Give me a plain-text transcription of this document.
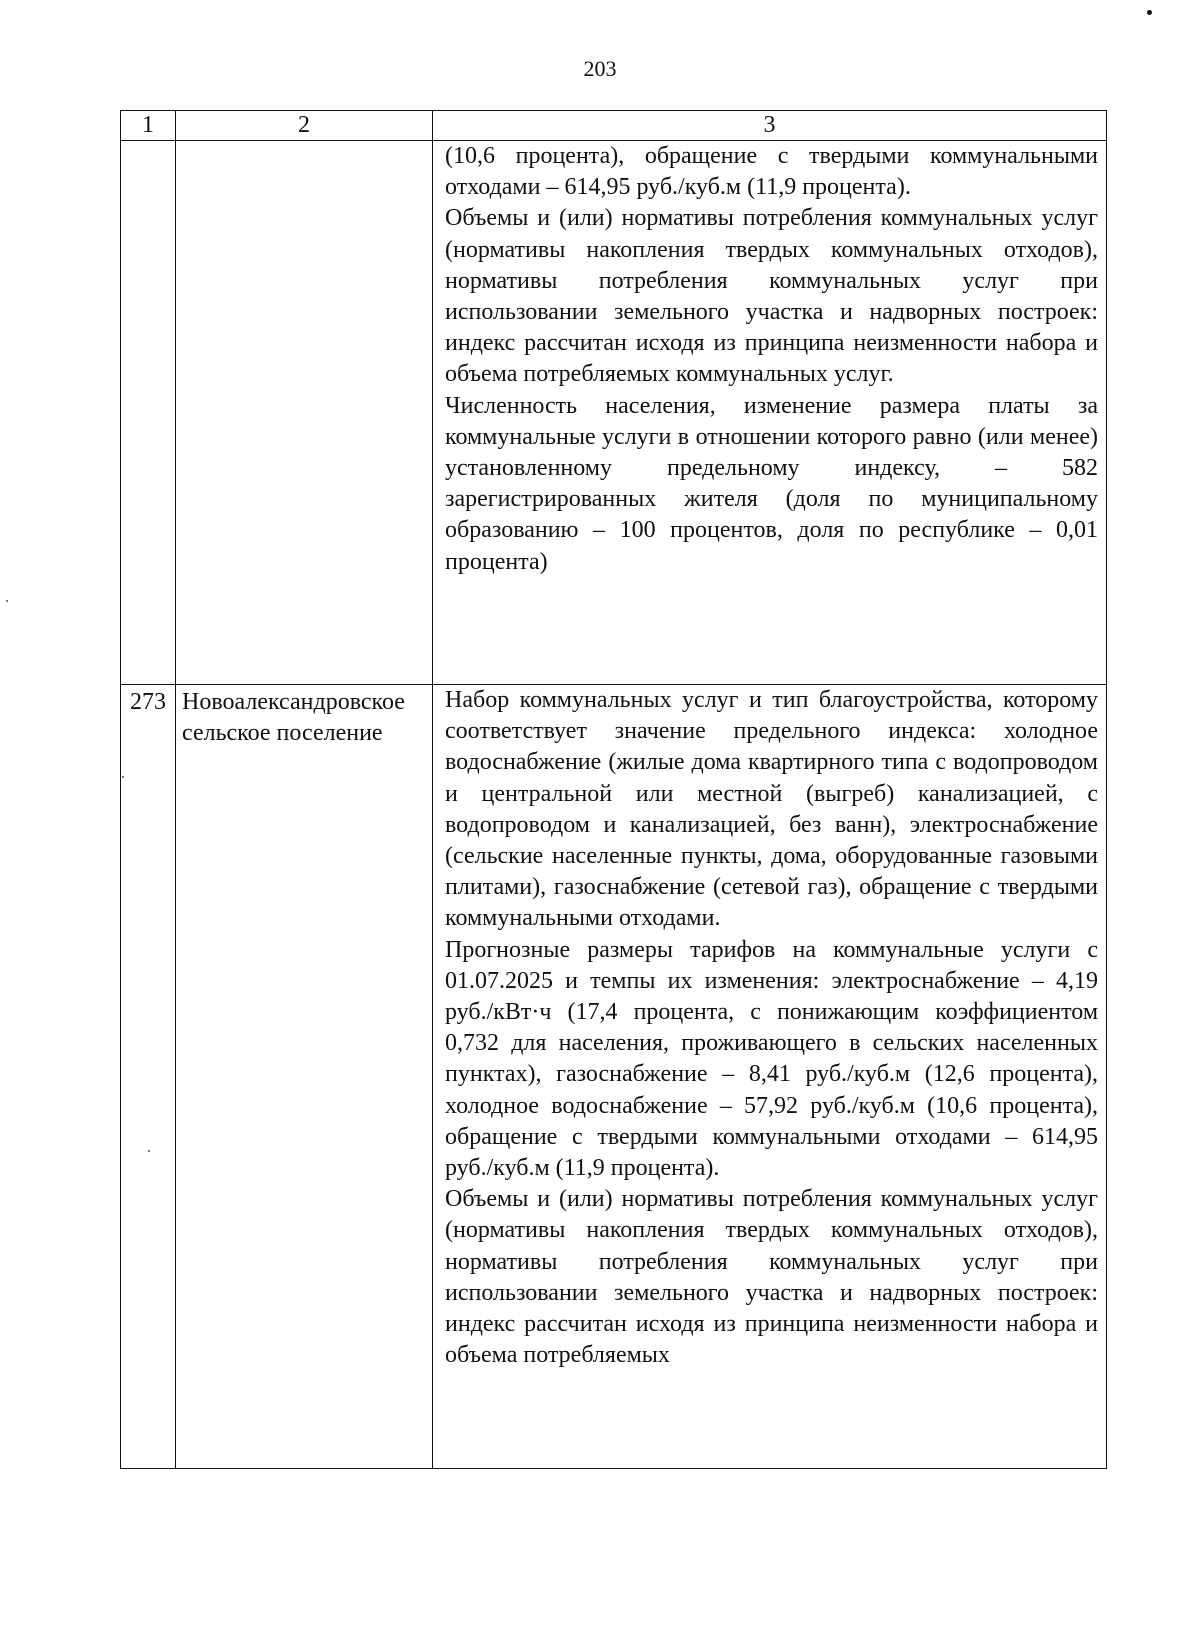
203
1	2	3

		(10,6 процента), обращение с твердыми коммунальными отходами – 614,95 руб./куб.м (11,9 процента).

Объемы и (или) нормативы потребления коммунальных услуг (нормативы накопления твердых коммунальных отходов), нормативы потребления коммунальных услуг при использовании земельного участка и надворных построек: индекс рассчитан исходя из принципа неизменности набора и объема потребляемых коммунальных услуг.

Численность населения, изменение размера платы за коммунальные услуги в отношении которого равно (или менее) установленному предельному индексу, – 582 зарегистрированных жителя (доля по муниципальному образованию – 100 процентов, доля по республике – 0,01 процента)

273	Новоалександровское сельское поселение	Набор коммунальных услуг и тип благоустройства, которому соответствует значение предельного индекса: холодное водоснабжение (жилые дома квартирного типа с водопроводом и центральной или местной (выгреб) канализацией, с водопроводом и канализацией, без ванн), электроснабжение (сельские населенные пункты, дома, оборудованные газовыми плитами), газоснабжение (сетевой газ), обращение с твердыми коммунальными отходами.

Прогнозные размеры тарифов на коммунальные услуги с 01.07.2025 и темпы их изменения: электроснабжение – 4,19 руб./кВт·ч (17,4 процента, с понижающим коэффициентом 0,732 для населения, проживающего в сельских населенных пунктах), газоснабжение – 8,41 руб./куб.м (12,6 процента), холодное водоснабжение – 57,92 руб./куб.м (10,6 процента), обращение с твердыми коммунальными отходами – 614,95 руб./куб.м (11,9 процента).

Объемы и (или) нормативы потребления коммунальных услуг (нормативы накопления твердых коммунальных отходов), нормативы потребления коммунальных услуг при использовании земельного участка и надворных построек: индекс рассчитан исходя из принципа неизменности набора и объема потребляемых
